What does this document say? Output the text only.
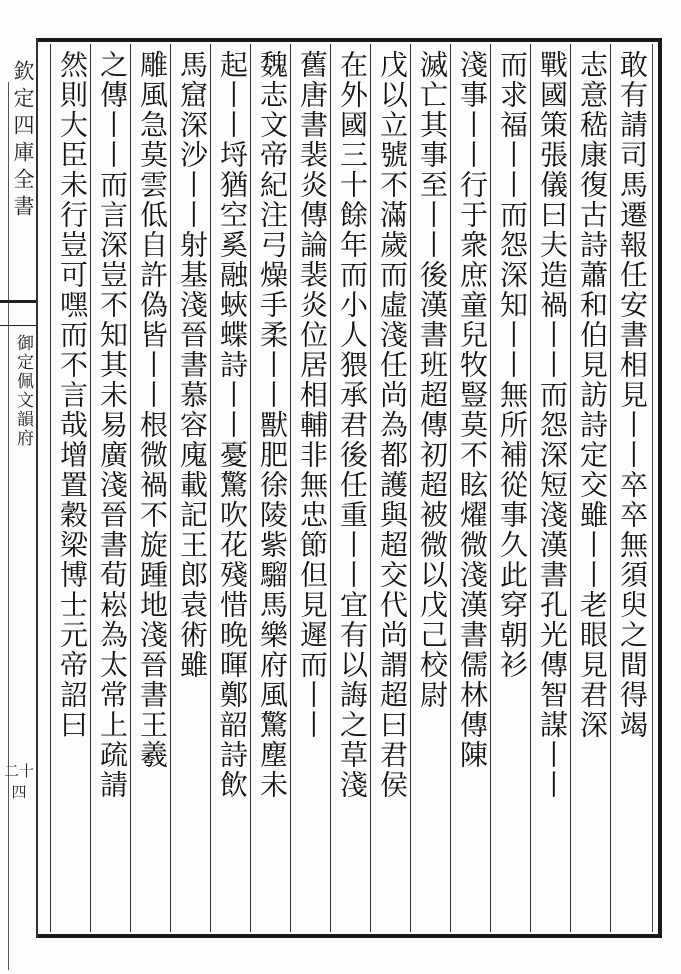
欽定四庫全書
御定佩文韻府
二十四
敢有請司馬遷報任安書相見丨丨卒卒無須臾之間得竭
志意嵇康復古詩蕭和伯見訪詩定交雖丨丨老眼見君深
戰國策張儀曰夫造禍丨丨而怨深短淺漢書孔光傳智謀丨丨
而求福丨丨而怨深知丨丨無所補從事久此穿朝衫
淺事丨丨行于衆庶童兒牧豎莫不眩燿微淺漢書儒林傳陳
滅亡其事至丨丨後漢書班超傳初超被微以戊己校尉
戊以立號不滿歲而虛淺任尚為都護與超交代尚謂超曰君侯
在外國三十餘年而小人猥承君後任重丨丨宜有以誨之草淺
舊唐書裴炎傳論裴炎位居相輔非無忠節但見遲而丨丨
魏志文帝紀注弓燥手柔丨丨獸肥徐陵紫騮馬樂府風驚塵未
起丨丨埒猶空奚融蛺蝶詩丨丨憂驚吹花殘惜晚暉鄭韶詩飲
馬窟深沙丨丨射基淺晉書慕容廆載記王郎袁術雖
雕風急莫雲低自許偽皆丨丨根微禍不旋踵地淺晉書王羲
之傳丨丨而言深豈不知其未易廣淺晉書荀崧為太常上疏請
然則大臣未行豈可嘿而不言哉增置穀梁博士元帝詔曰
